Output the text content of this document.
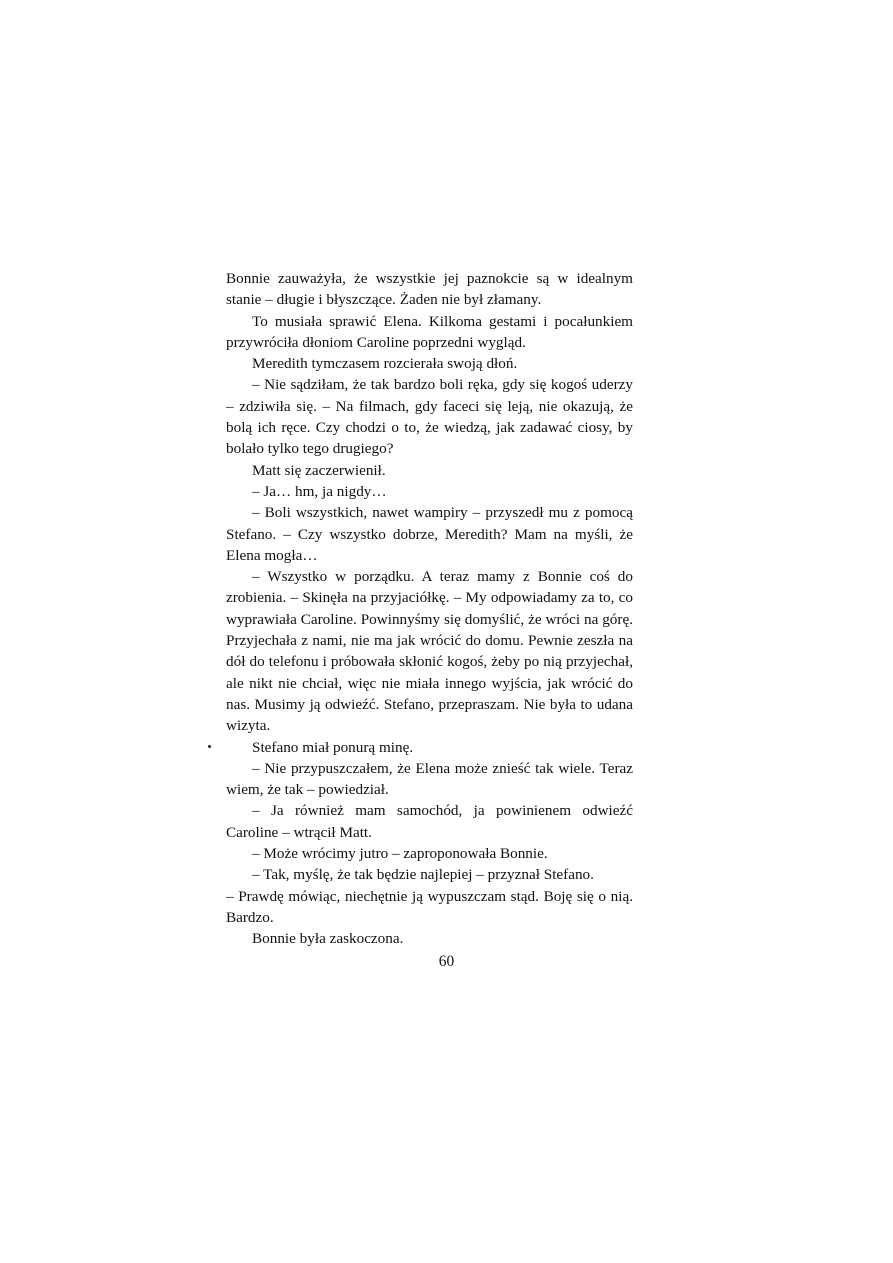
Bonnie zauważyła, że wszystkie jej paznokcie są w idealnym stanie – długie i błyszczące. Żaden nie był złamany.

To musiała sprawić Elena. Kilkoma gestami i pocałunkiem przywróciła dłoniom Caroline poprzedni wygląd.

Meredith tymczasem rozcierała swoją dłoń.

– Nie sądziłam, że tak bardzo boli ręka, gdy się kogoś uderzy – zdziwiła się. – Na filmach, gdy faceci się leją, nie okazują, że bolą ich ręce. Czy chodzi o to, że wiedzą, jak zadawać ciosy, by bolało tylko tego drugiego?

Matt się zaczerwienił.

– Ja… hm, ja nigdy…

– Boli wszystkich, nawet wampiry – przyszedł mu z pomocą Stefano. – Czy wszystko dobrze, Meredith? Mam na myśli, że Elena mogła…

– Wszystko w porządku. A teraz mamy z Bonnie coś do zrobienia. – Skinęła na przyjaciółkę. – My odpowiadamy za to, co wyprawiała Caroline. Powinnyśmy się domyślić, że wróci na górę. Przyjechała z nami, nie ma jak wrócić do domu. Pewnie zeszła na dół do telefonu i próbowała skłonić kogoś, żeby po nią przyjechał, ale nikt nie chciał, więc nie miała innego wyjścia, jak wrócić do nas. Musimy ją odwieźć. Stefano, przepraszam. Nie była to udana wizyta.

Stefano miał ponurą minę.

– Nie przypuszczałem, że Elena może znieść tak wiele. Teraz wiem, że tak – powiedział.

– Ja również mam samochód, ja powinienem odwieźć Caroline – wtrącił Matt.

– Może wrócimy jutro – zaproponowała Bonnie.

– Tak, myślę, że tak będzie najlepiej – przyznał Stefano.

– Prawdę mówiąc, niechętnie ją wypuszczam stąd. Boję się o nią. Bardzo.

Bonnie była zaskoczona.

60
